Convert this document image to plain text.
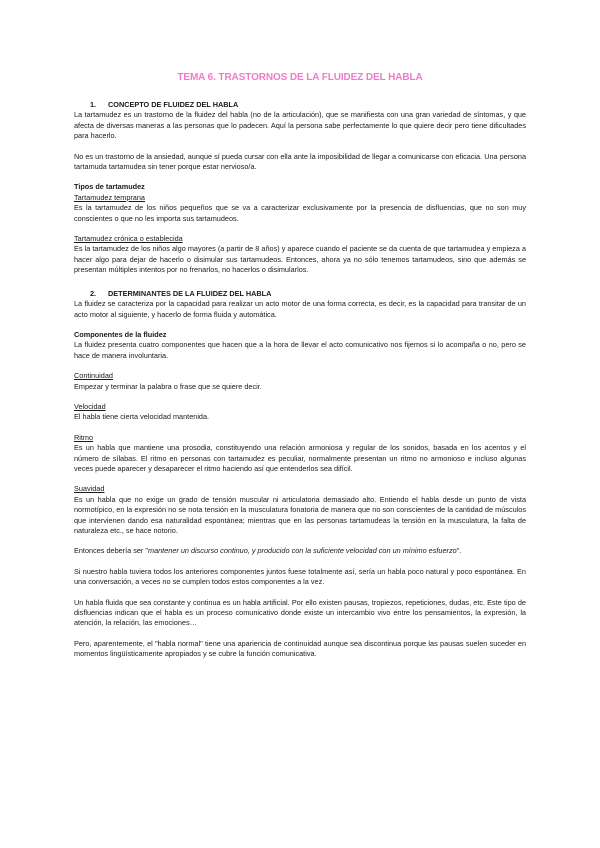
TEMA 6. TRASTORNOS DE LA FLUIDEZ DEL HABLA

1. CONCEPTO DE FLUIDEZ DEL HABLA

La tartamudez es un trastorno de la fluidez del habla (no de la articulación), que se manifiesta con una gran variedad de síntomas, y que afecta de diversas maneras a las personas que lo padecen. Aquí la persona sabe perfectamente lo que quiere decir pero tiene dificultades para hacerlo.

No es un trastorno de la ansiedad, aunque sí pueda cursar con ella ante la imposibilidad de llegar a comunicarse con eficacia. Una persona tartamuda tartamudea sin tener porque estar nervioso/a.

Tipos de tartamudez

Tartamudez temprana

Es la tartamudez de los niños pequeños que se va a caracterizar exclusivamente por la presencia de disfluencias, que no son muy conscientes o que no les importa sus tartamudeos.

Tartamudez crónica o establecida

Es la tartamudez de los niños algo mayores (a partir de 8 años) y aparece cuando el paciente se da cuenta de que tartamudea y empieza a hacer algo para dejar de hacerlo o disimular sus tartamudeos. Entonces, ahora ya no sólo tenemos tartamudeos, sino que además se presentan múltiples intentos por no frenarlos, no hacerlos o disimularlos.

2. DETERMINANTES DE LA FLUIDEZ DEL HABLA

La fluidez se caracteriza por la capacidad para realizar un acto motor de una forma correcta, es decir, es la capacidad para transitar de un acto motor al siguiente, y hacerlo de forma fluida y automática.

Componentes de la fluidez

La fluidez presenta cuatro componentes que hacen que a la hora de llevar el acto comunicativo nos fijemos si lo acompaña o no, pero se hace de manera involuntaria.

Continuidad

Empezar y terminar la palabra o frase que se quiere decir.

Velocidad

El habla tiene cierta velocidad mantenida.

Ritmo

Es un habla que mantiene una prosodia, constituyendo una relación armoniosa y regular de los sonidos, basada en los acentos y el número de sílabas. El ritmo en personas con tartamudez es peculiar, normalmente presentan un ritmo no armonioso e incluso algunas veces puede aparecer y desaparecer el ritmo haciendo así que entenderlos sea difícil.

Suavidad

Es un habla que no exige un grado de tensión muscular ni articulatoria demasiado alto. Entiendo el habla desde un punto de vista normotípico, en la expresión no se nota tensión en la musculatura fonatoria de manera que no son conscientes de la cantidad de músculos que intervienen dando esa naturalidad espontánea; mientras que en las personas tartamudeas la tensión en la musculatura, la falta de naturaleza etc., se hace notorio.

Entonces debería ser "mantener un discurso continuo, y producido con la suficiente velocidad con un mínimo esfuerzo".

Si nuestro habla tuviera todos los anteriores componentes juntos fuese totalmente así, sería un habla poco natural y poco espontánea. En una conversación, a veces no se cumplen todos estos componentes a la vez.

Un habla fluida que sea constante y continua es un habla artificial. Por ello existen pausas, tropiezos, repeticiones, dudas, etc. Este tipo de disfluencias indican que el habla es un proceso comunicativo donde existe un intercambio vivo entre los pensamientos, la expresión, la atención, la relación, las emociones…

Pero, aparentemente, el "habla normal" tiene una apariencia de continuidad aunque sea discontinua porque las pausas suelen suceder en momentos lingüísticamente apropiados y se cubre la función comunicativa.
